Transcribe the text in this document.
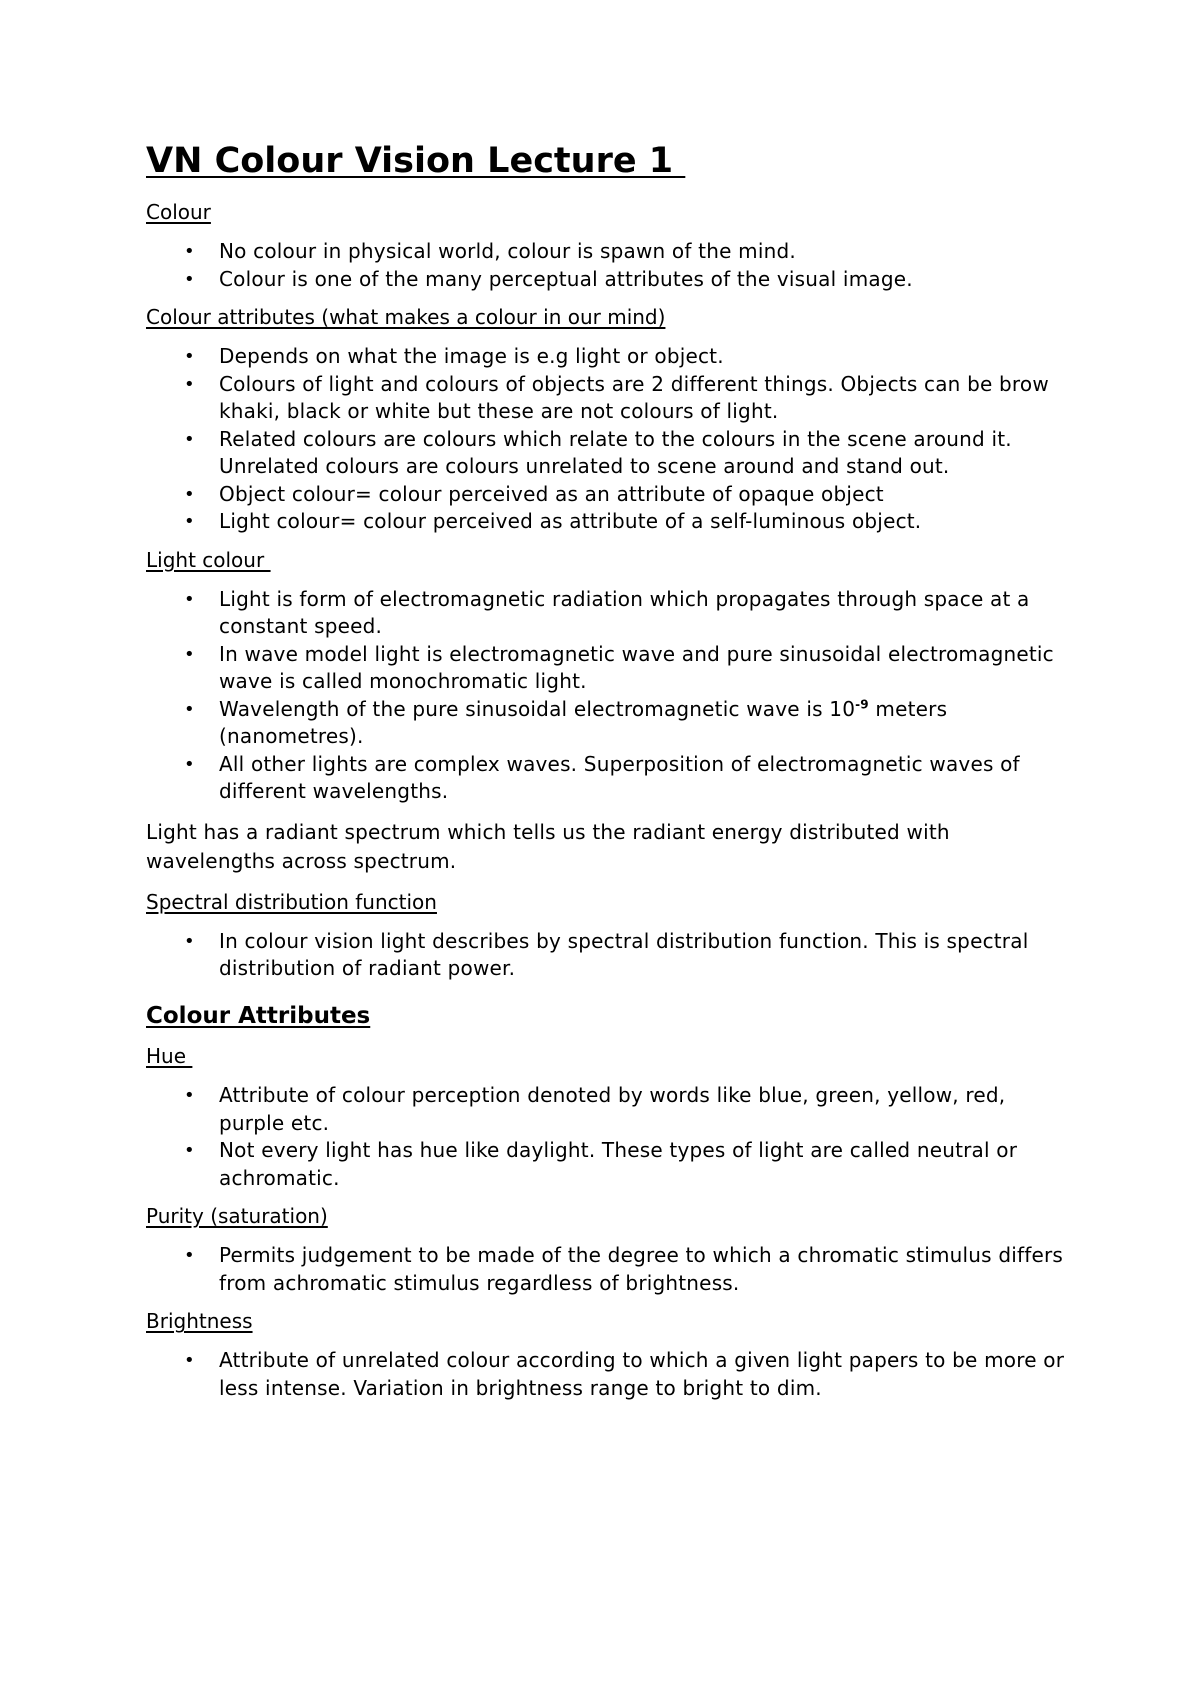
VN Colour Vision Lecture 1
Colour
• No colour in physical world, colour is spawn of the mind.
• Colour is one of the many perceptual attributes of the visual image.
Colour attributes (what makes a colour in our mind)
• Depends on what the image is e.g light or object.
• Colours of light and colours of objects are 2 different things. Objects can be brow khaki, black or white but these are not colours of light.
• Related colours are colours which relate to the colours in the scene around it. Unrelated colours are colours unrelated to scene around and stand out.
• Object colour= colour perceived as an attribute of opaque object
• Light colour= colour perceived as attribute of a self-luminous object.
Light colour
• Light is form of electromagnetic radiation which propagates through space at a constant speed.
• In wave model light is electromagnetic wave and pure sinusoidal electromagnetic wave is called monochromatic light.
• Wavelength of the pure sinusoidal electromagnetic wave is $10^{-9}$ meters (nanometres).
• All other lights are complex waves. Superposition of electromagnetic waves of different wavelengths.

Light has a radiant spectrum which tells us the radiant energy distributed with wavelengths across spectrum.

Spectral distribution function
• In colour vision light describes by spectral distribution function. This is spectral distribution of radiant power.
Colour Attributes
Hue
• Attribute of colour perception denoted by words like blue, green, yellow, red, purple etc.
• Not every light has hue like daylight. These types of light are called neutral or achromatic.
Purity (saturation)
• Permits judgement to be made of the degree to which a chromatic stimulus differs from achromatic stimulus regardless of brightness.
Brightness
• Attribute of unrelated colour according to which a given light papers to be more or less intense. Variation in brightness range to bright to dim.
